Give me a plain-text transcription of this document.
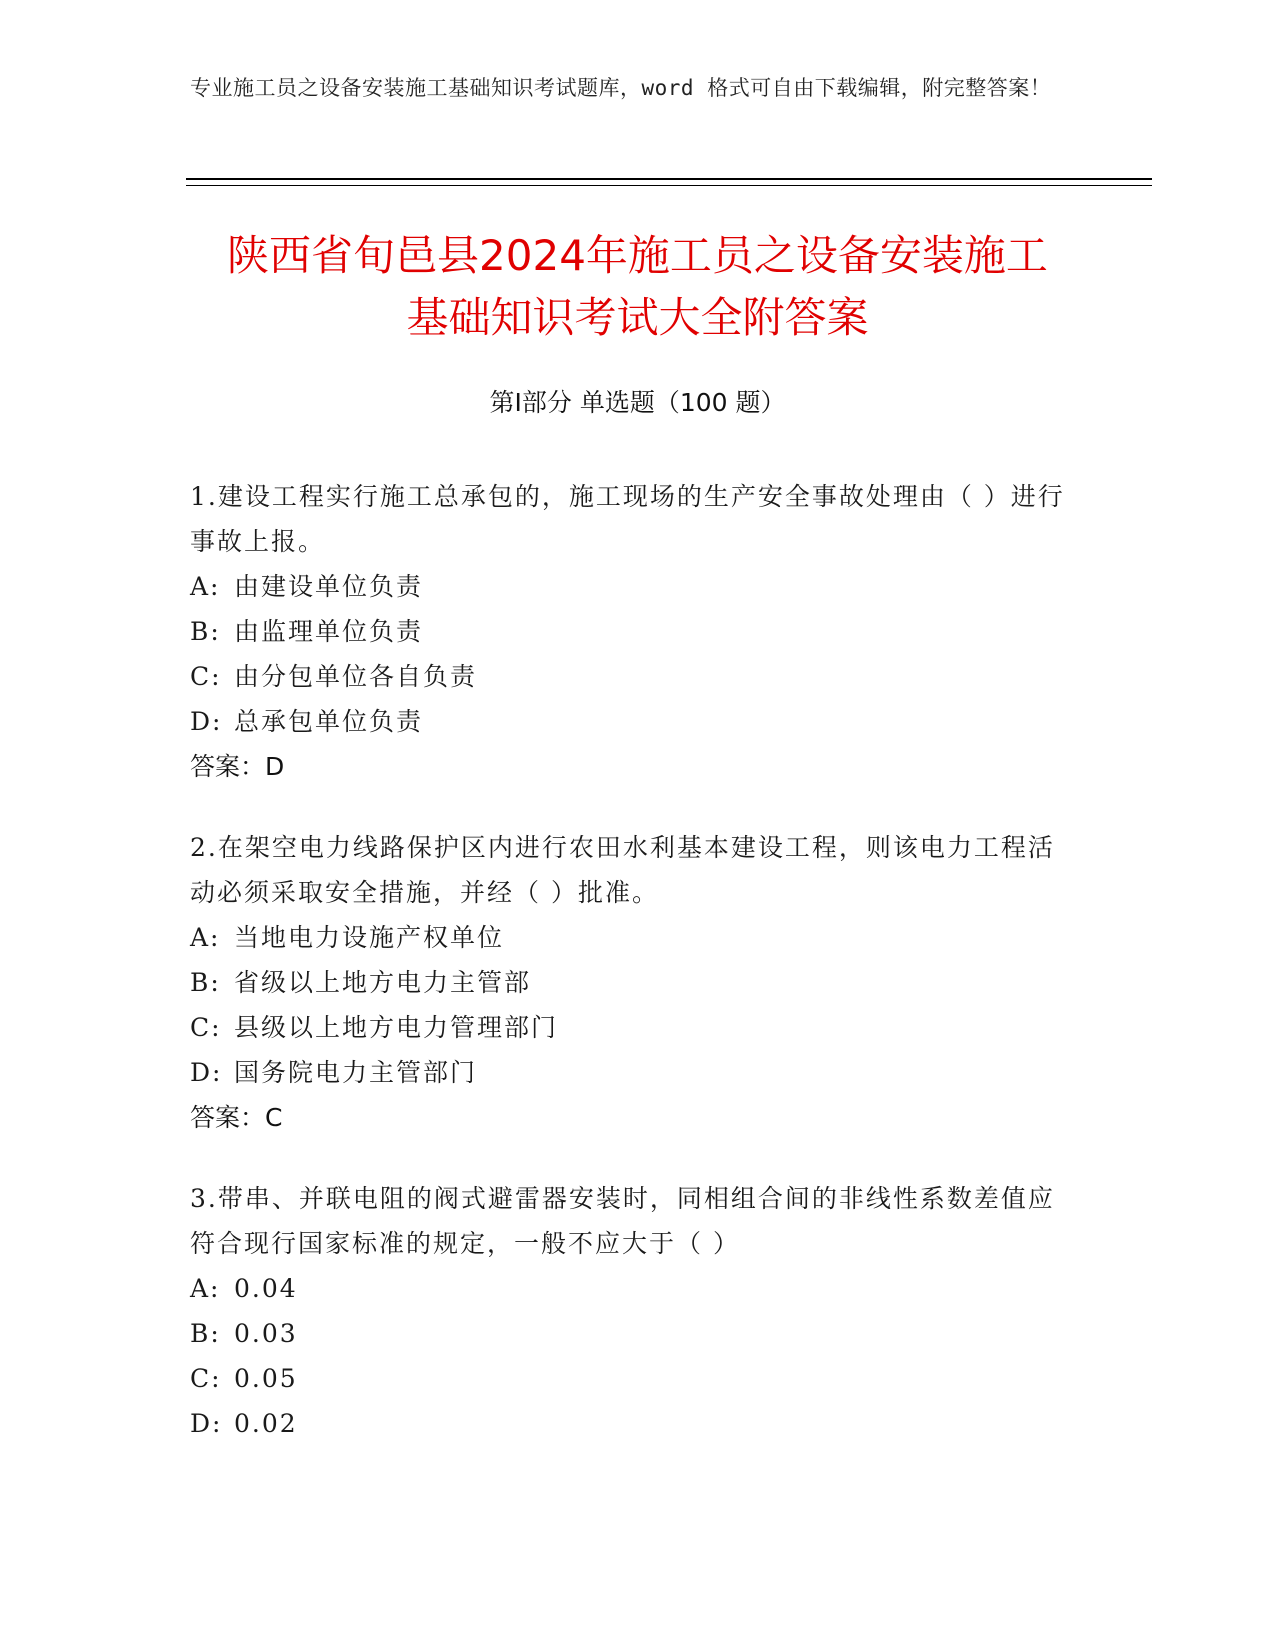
专业施工员之设备安装施工基础知识考试题库，word 格式可自由下载编辑，附完整答案！
陕西省旬邑县2024年施工员之设备安装施工
基础知识考试大全附答案
第Ⅰ部分 单选题（100 题）

1.建设工程实行施工总承包的，施工现场的生产安全事故处理由（ ）进行事故上报。

A: 由建设单位负责

B: 由监理单位负责

C: 由分包单位各自负责

D: 总承包单位负责

答案：D

2.在架空电力线路保护区内进行农田水利基本建设工程，则该电力工程活动必须采取安全措施，并经（ ）批准。

A: 当地电力设施产权单位

B: 省级以上地方电力主管部

C: 县级以上地方电力管理部门

D: 国务院电力主管部门

答案：C

3.带串、并联电阻的阀式避雷器安装时，同相组合间的非线性系数差值应符合现行国家标准的规定，一般不应大于（ ）

A: 0.04

B: 0.03

C: 0.05

D: 0.02
